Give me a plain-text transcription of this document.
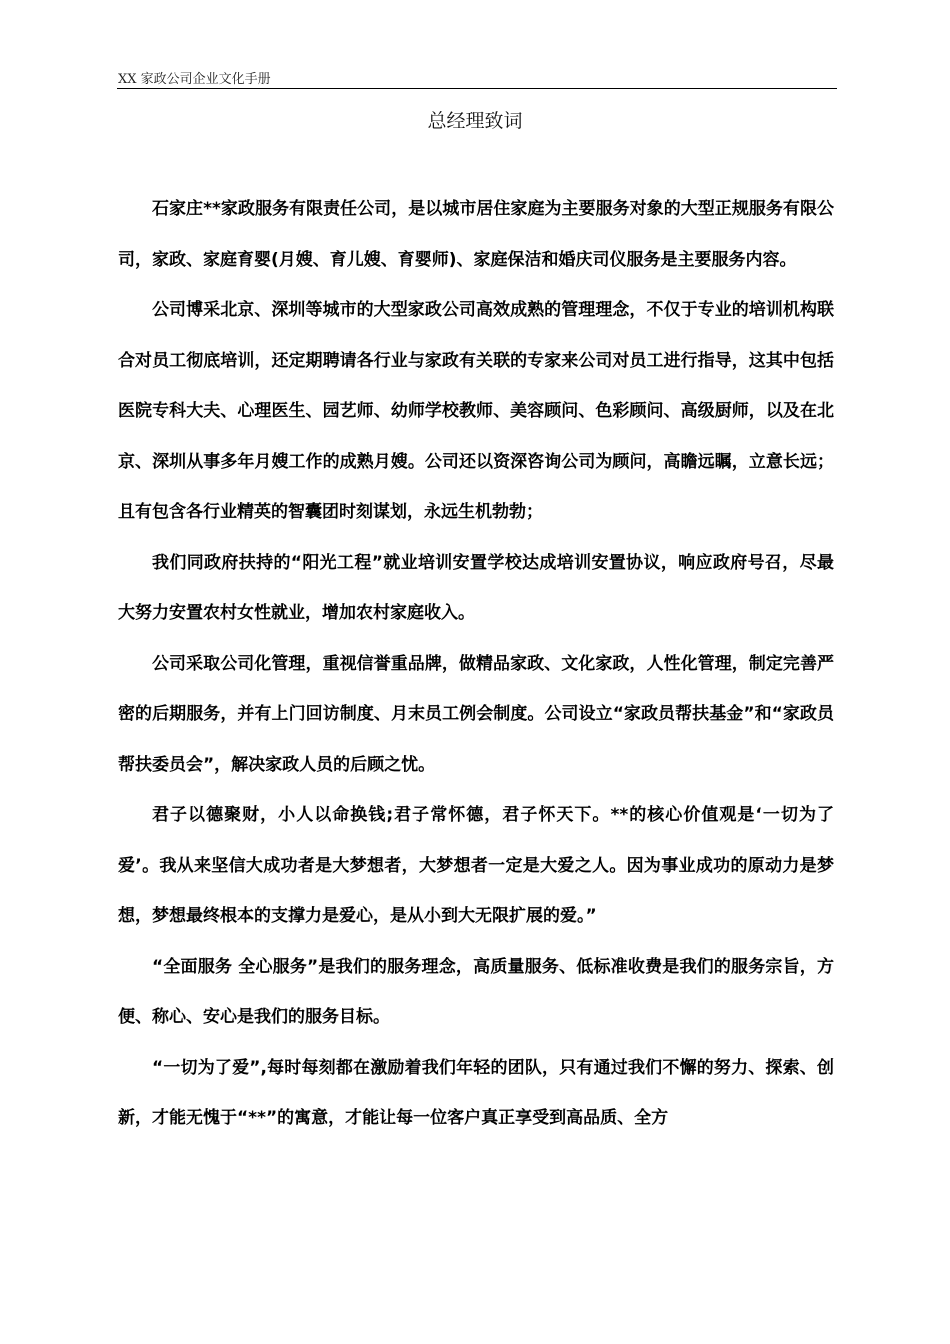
XX 家政公司企业文化手册
总经理致词

石家庄**家政服务有限责任公司，是以城市居住家庭为主要服务对象的大型正规服务有限公司，家政、家庭育婴(月嫂、育儿嫂、育婴师)、家庭保洁和婚庆司仪服务是主要服务内容。

公司博采北京、深圳等城市的大型家政公司高效成熟的管理理念，不仅于专业的培训机构联合对员工彻底培训，还定期聘请各行业与家政有关联的专家来公司对员工进行指导，这其中包括医院专科大夫、心理医生、园艺师、幼师学校教师、美容顾问、色彩顾问、高级厨师，以及在北京、深圳从事多年月嫂工作的成熟月嫂。公司还以资深咨询公司为顾问，高瞻远瞩，立意长远；且有包含各行业精英的智囊团时刻谋划，永远生机勃勃；

我们同政府扶持的“阳光工程”就业培训安置学校达成培训安置协议，响应政府号召，尽最大努力安置农村女性就业，增加农村家庭收入。

公司采取公司化管理，重视信誉重品牌，做精品家政、文化家政，人性化管理，制定完善严密的后期服务，并有上门回访制度、月末员工例会制度。公司设立“家政员帮扶基金”和“家政员帮扶委员会”，解决家政人员的后顾之忧。

君子以德聚财，小人以命换钱;君子常怀德，君子怀天下。**的核心价值观是‘一切为了爱’。我从来坚信大成功者是大梦想者，大梦想者一定是大爱之人。因为事业成功的原动力是梦想，梦想最终根本的支撑力是爱心，是从小到大无限扩展的爱。”

“全面服务 全心服务”是我们的服务理念，高质量服务、低标准收费是我们的服务宗旨，方便、称心、安心是我们的服务目标。

“一切为了爱”,每时每刻都在激励着我们年轻的团队，只有通过我们不懈的努力、探索、创新，才能无愧于“**”的寓意，才能让每一位客户真正享受到高品质、全方
